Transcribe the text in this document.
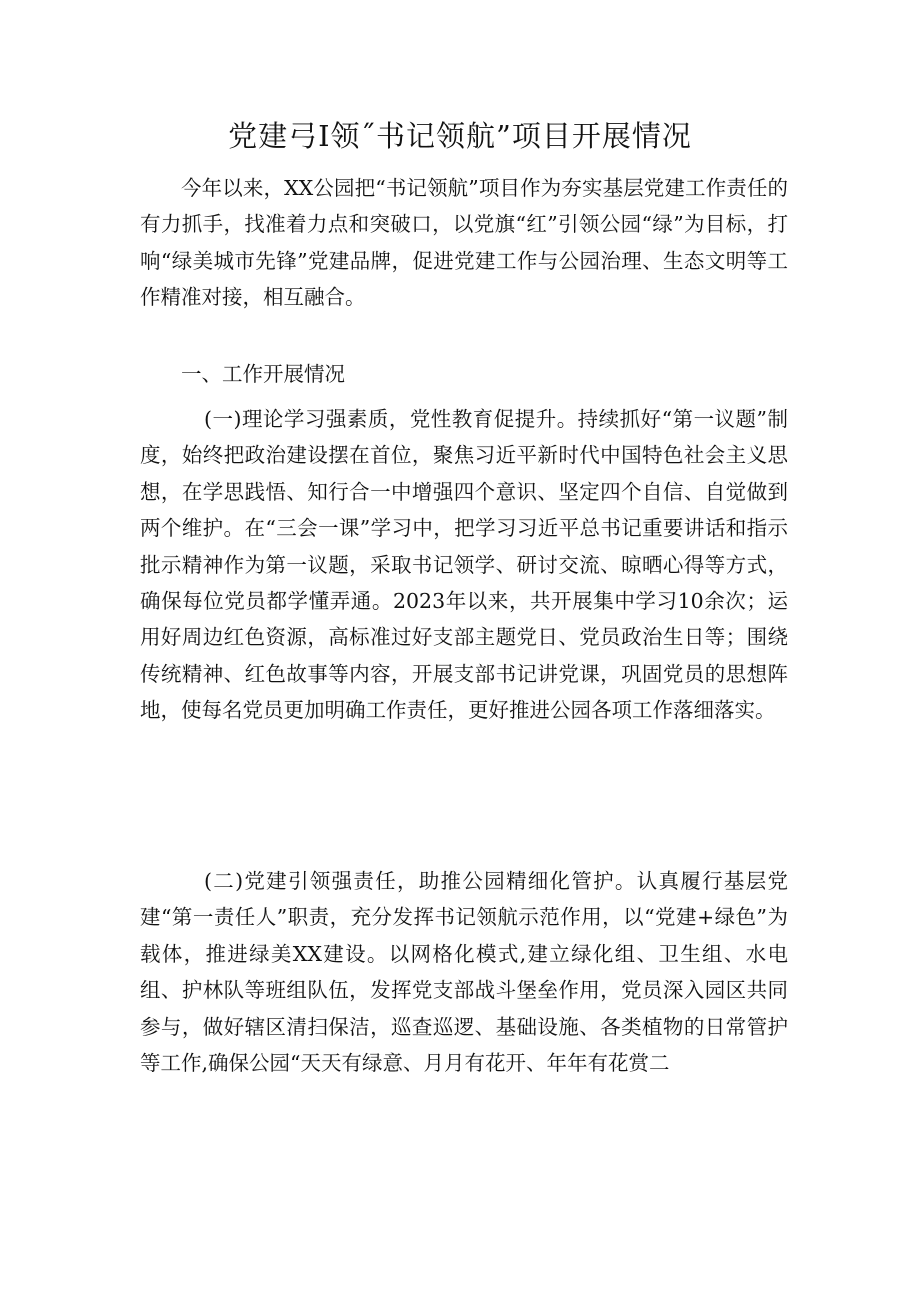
党建弓I领˝书记领航”项目开展情况

今年以来，XX公园把“书记领航”项目作为夯实基层党建工作责任的有力抓手，找准着力点和突破口，以党旗“红”引领公园“绿”为目标，打响“绿美城市先锋”党建品牌，促进党建工作与公园治理、生态文明等工作精准对接，相互融合。

一、工作开展情况

(一)理论学习强素质，党性教育促提升。持续抓好“第一议题”制度，始终把政治建设摆在首位，聚焦习近平新时代中国特色社会主义思想，在学思践悟、知行合一中增强四个意识、坚定四个自信、自觉做到两个维护。在“三会一课”学习中，把学习习近平总书记重要讲话和指示批示精神作为第一议题，采取书记领学、研讨交流、晾晒心得等方式，确保每位党员都学懂弄通。2023年以来，共开展集中学习10余次；运用好周边红色资源，高标准过好支部主题党日、党员政治生日等；围绕传统精神、红色故事等内容，开展支部书记讲党课，巩固党员的思想阵地，使每名党员更加明确工作责任，更好推进公园各项工作落细落实。

(二)党建引领强责任，助推公园精细化管护。认真履行基层党建“第一责任人”职责，充分发挥书记领航示范作用，以“党建+绿色”为载体，推进绿美XX建设。以网格化模式,建立绿化组、卫生组、水电组、护林队等班组队伍，发挥党支部战斗堡垒作用，党员深入园区共同参与，做好辖区清扫保洁，巡查巡逻、基础设施、各类植物的日常管护等工作,确保公园“天天有绿意、月月有花开、年年有花赏二
